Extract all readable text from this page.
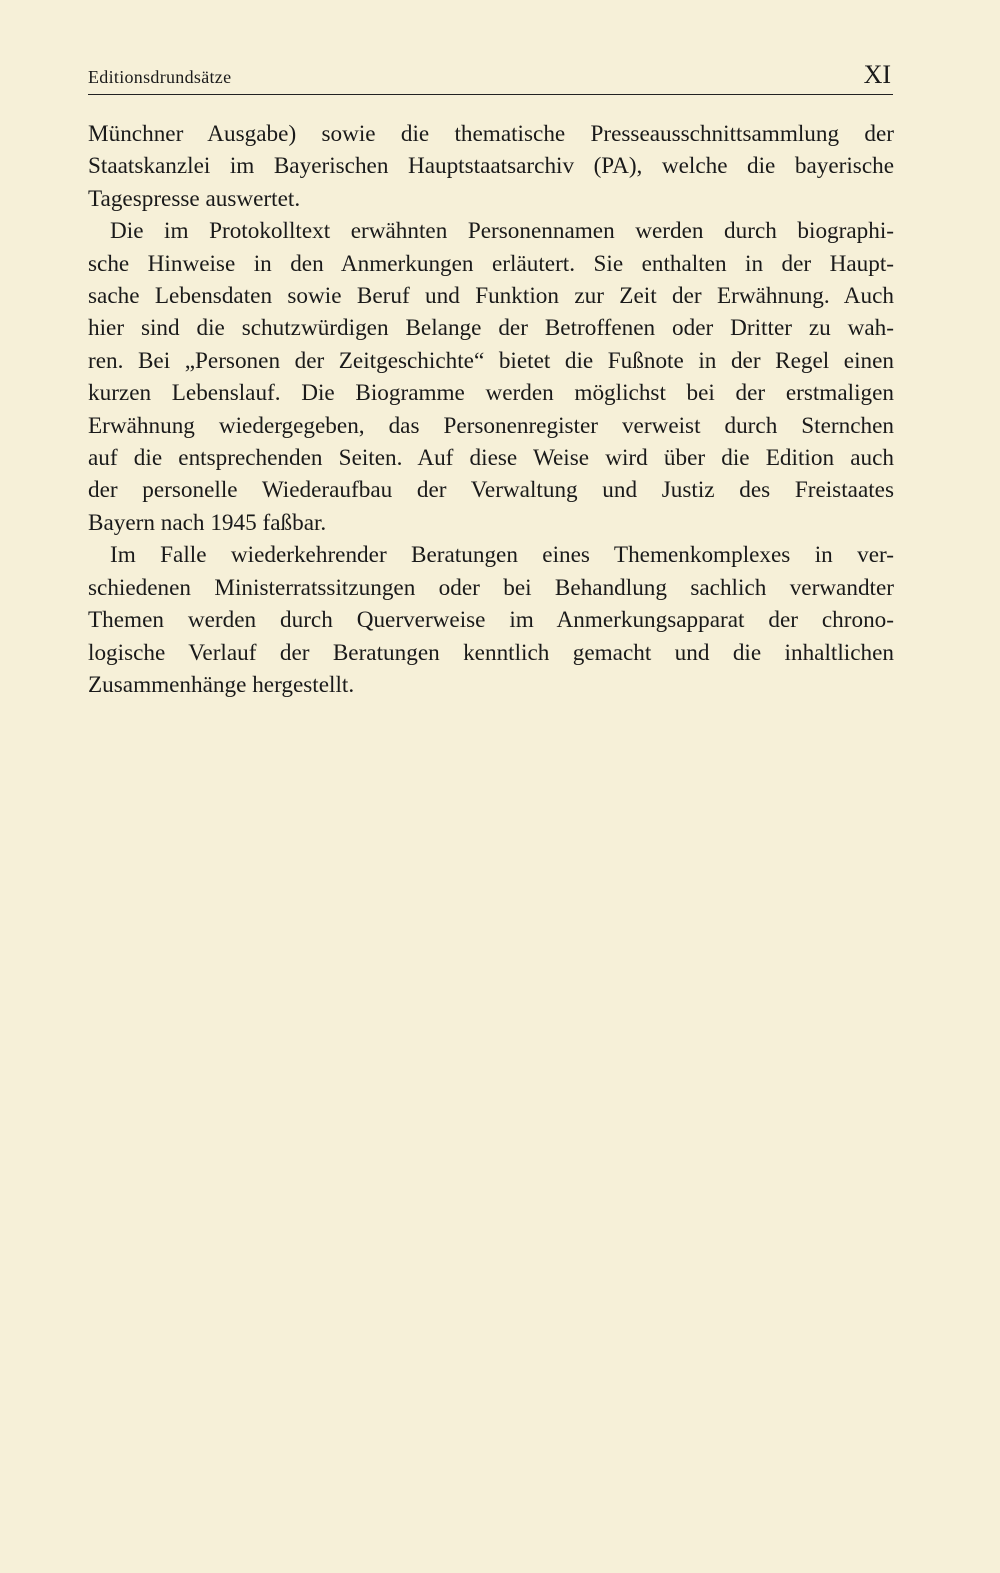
Editionsdrundsätze	XI

Münchner Ausgabe) sowie die thematische Presseausschnittsammlung der
Staatskanzlei im Bayerischen Hauptstaatsarchiv (PA), welche die bayerische
Tagespresse auswertet.

Die im Protokolltext erwähnten Personennamen werden durch biographi-
sche Hinweise in den Anmerkungen erläutert. Sie enthalten in der Haupt-
sache Lebensdaten sowie Beruf und Funktion zur Zeit der Erwähnung. Auch
hier sind die schutzwürdigen Belange der Betroffenen oder Dritter zu wah-
ren. Bei „Personen der Zeitgeschichte“ bietet die Fußnote in der Regel einen
kurzen Lebenslauf. Die Biogramme werden möglichst bei der erstmaligen
Erwähnung wiedergegeben, das Personenregister verweist durch Sternchen
auf die entsprechenden Seiten. Auf diese Weise wird über die Edition auch
der personelle Wiederaufbau der Verwaltung und Justiz des Freistaates
Bayern nach 1945 faßbar.

Im Falle wiederkehrender Beratungen eines Themenkomplexes in ver-
schiedenen Ministerratssitzungen oder bei Behandlung sachlich verwandter
Themen werden durch Querverweise im Anmerkungsapparat der chrono-
logische Verlauf der Beratungen kenntlich gemacht und die inhaltlichen
Zusammenhänge hergestellt.
